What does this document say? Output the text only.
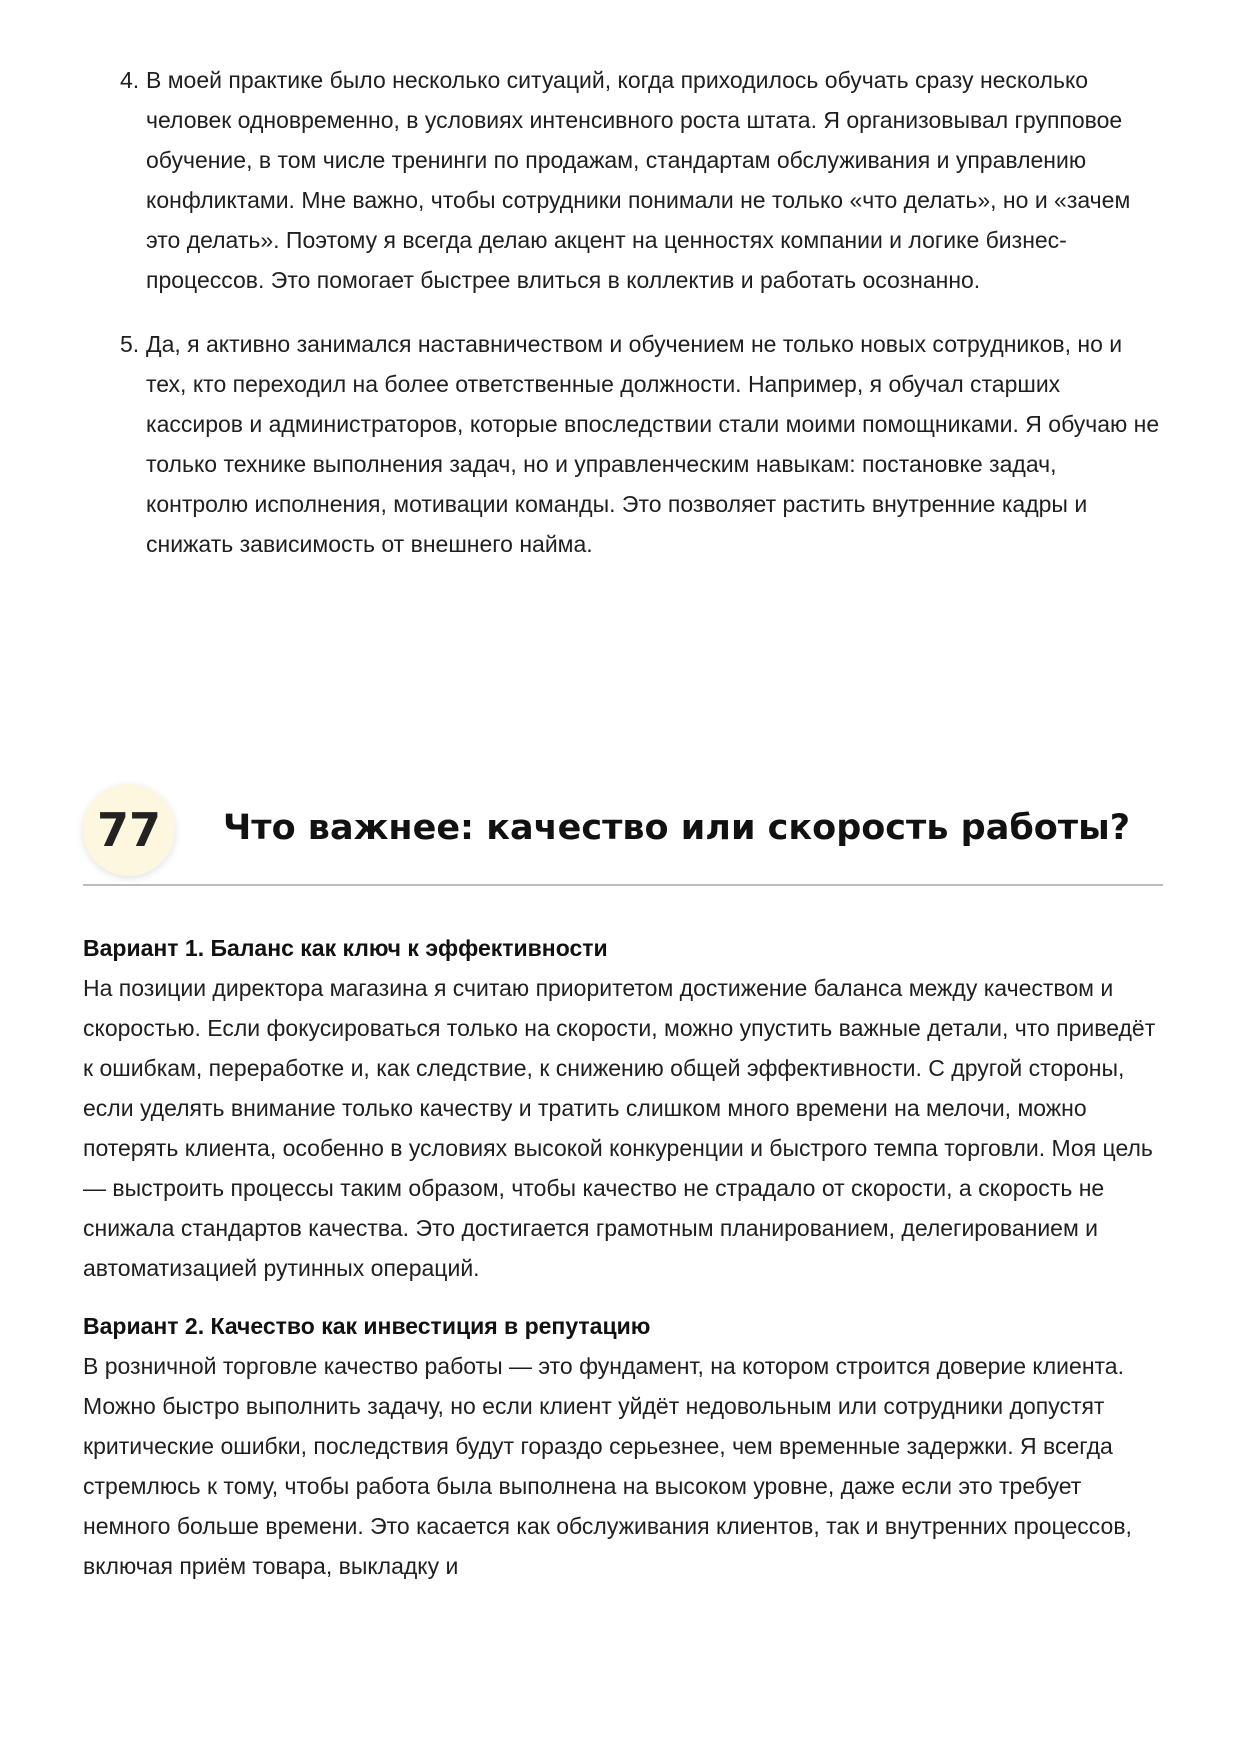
4. В моей практике было несколько ситуаций, когда приходилось обучать сразу несколько человек одновременно, в условиях интенсивного роста штата. Я организовывал групповое обучение, в том числе тренинги по продажам, стандартам обслуживания и управлению конфликтами. Мне важно, чтобы сотрудники понимали не только «что делать», но и «зачем это делать». Поэтому я всегда делаю акцент на ценностях компании и логике бизнес-процессов. Это помогает быстрее влиться в коллектив и работать осознанно.
5. Да, я активно занимался наставничеством и обучением не только новых сотрудников, но и тех, кто переходил на более ответственные должности. Например, я обучал старших кассиров и администраторов, которые впоследствии стали моими помощниками. Я обучаю не только технике выполнения задач, но и управленческим навыкам: постановке задач, контролю исполнения, мотивации команды. Это позволяет растить внутренние кадры и снижать зависимость от внешнего найма.
77	Что важнее: качество или скорость работы?
Вариант 1. Баланс как ключ к эффективности

На позиции директора магазина я считаю приоритетом достижение баланса между качеством и скоростью. Если фокусироваться только на скорости, можно упустить важные детали, что приведёт к ошибкам, переработке и, как следствие, к снижению общей эффективности. С другой стороны, если уделять внимание только качеству и тратить слишком много времени на мелочи, можно потерять клиента, особенно в условиях высокой конкуренции и быстрого темпа торговли. Моя цель — выстроить процессы таким образом, чтобы качество не страдало от скорости, а скорость не снижала стандартов качества. Это достигается грамотным планированием, делегированием и автоматизацией рутинных операций.

Вариант 2. Качество как инвестиция в репутацию

В розничной торговле качество работы — это фундамент, на котором строится доверие клиента. Можно быстро выполнить задачу, но если клиент уйдёт недовольным или сотрудники допустят критические ошибки, последствия будут гораздо серьезнее, чем временные задержки. Я всегда стремлюсь к тому, чтобы работа была выполнена на высоком уровне, даже если это требует немного больше времени. Это касается как обслуживания клиентов, так и внутренних процессов, включая приём товара, выкладку и
